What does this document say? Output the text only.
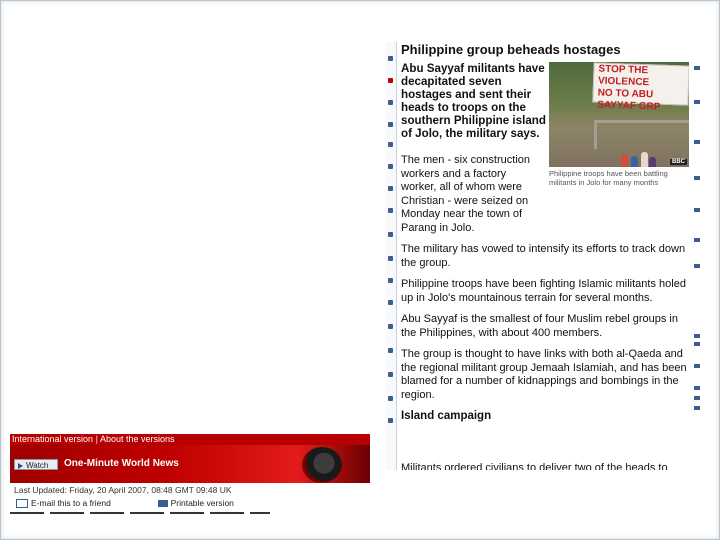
Philippine group beheads hostages
Abu Sayyaf militants have decapitated seven hostages and sent their heads to troops on the southern Philippine island of Jolo, the military says.
STOP THE VIOLENCE
NO TO ABU SAYYAF GRP
BBC
Philippine troops have been battling militants in Jolo for many months

The men - six construction workers and a factory worker, all of whom were Christian - were seized on Monday near the town of Parang in Jolo.

The military has vowed to intensify its efforts to track down the group.

Philippine troops have been fighting Islamic militants holed up in Jolo's mountainous terrain for several months.

Abu Sayyaf is the smallest of four Muslim rebel groups in the Philippines, with about 400 members.

The group is thought to have links with both al-Qaeda and the regional militant group Jemaah Islamiah, and has been blamed for a number of kidnappings and bombings in the region.

Island campaign
Militants ordered civilians to deliver two of the heads to
International version | About the versions
Watch	One-Minute World News
Last Updated: Friday, 20 April 2007, 08:48 GMT 09:48 UK
E-mail this to a friend	Printable version
